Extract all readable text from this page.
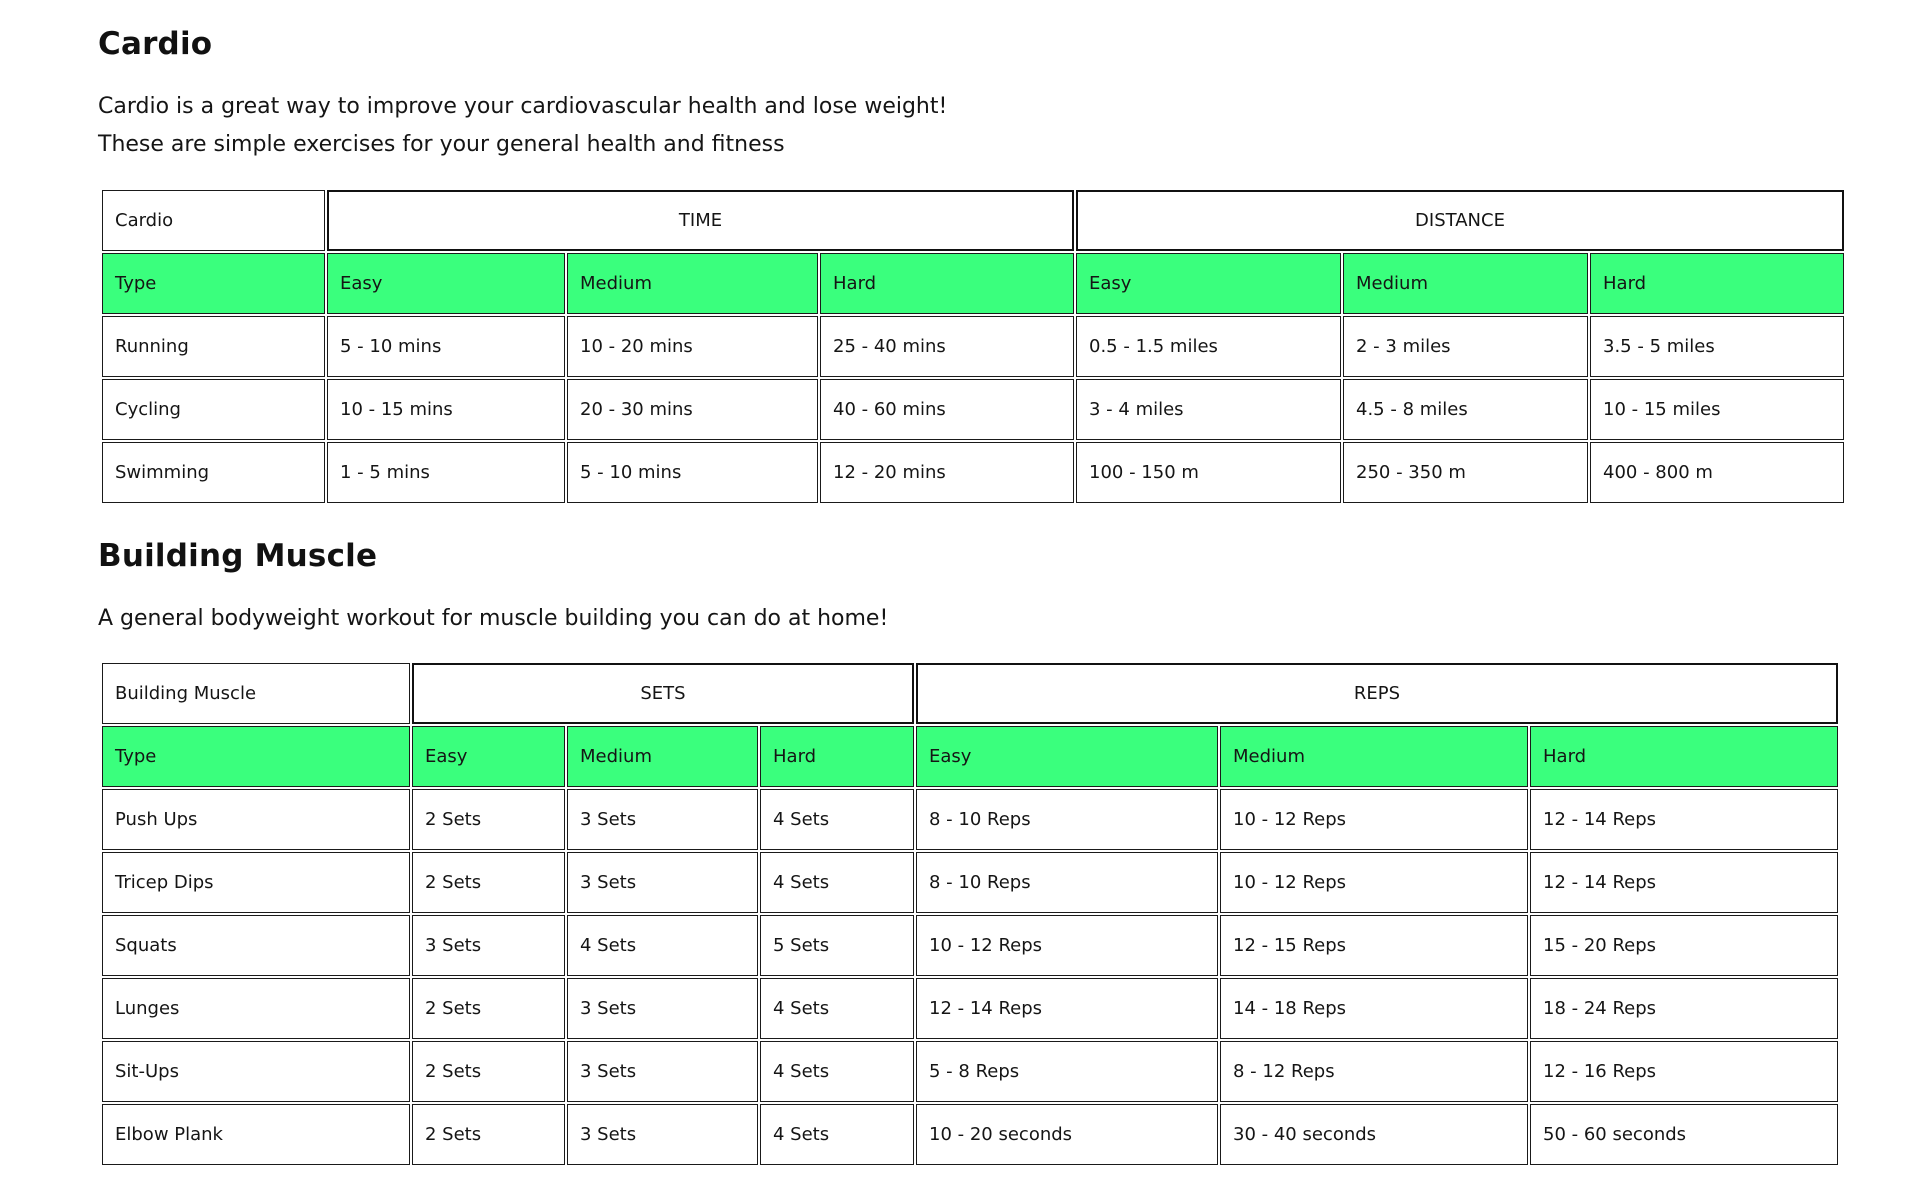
Cardio

Cardio is a great way to improve your cardiovascular health and lose weight!

These are simple exercises for your general health and fitness

Cardio	TIME			DISTANCE		
Type	Easy	Medium	Hard	Easy	Medium	Hard
Running	5 - 10 mins	10 - 20 mins	25 - 40 mins	0.5 - 1.5 miles	2 - 3 miles	3.5 - 5 miles
Cycling	10 - 15 mins	20 - 30 mins	40 - 60 mins	3 - 4 miles	4.5 - 8 miles	10 - 15 miles
Swimming	1 - 5 mins	5 - 10 mins	12 - 20 mins	100 - 150 m	250 - 350 m	400 - 800 m
Building Muscle

A general bodyweight workout for muscle building you can do at home!

Building Muscle	SETS			REPS		
Type	Easy	Medium	Hard	Easy	Medium	Hard
Push Ups	2 Sets	3 Sets	4 Sets	8 - 10 Reps	10 - 12 Reps	12 - 14 Reps
Tricep Dips	2 Sets	3 Sets	4 Sets	8 - 10 Reps	10 - 12 Reps	12 - 14 Reps
Squats	3 Sets	4 Sets	5 Sets	10 - 12 Reps	12 - 15 Reps	15 - 20 Reps
Lunges	2 Sets	3 Sets	4 Sets	12 - 14 Reps	14 - 18 Reps	18 - 24 Reps
Sit-Ups	2 Sets	3 Sets	4 Sets	5 - 8 Reps	8 - 12 Reps	12 - 16 Reps
Elbow Plank	2 Sets	3 Sets	4 Sets	10 - 20 seconds	30 - 40 seconds	50 - 60 seconds
